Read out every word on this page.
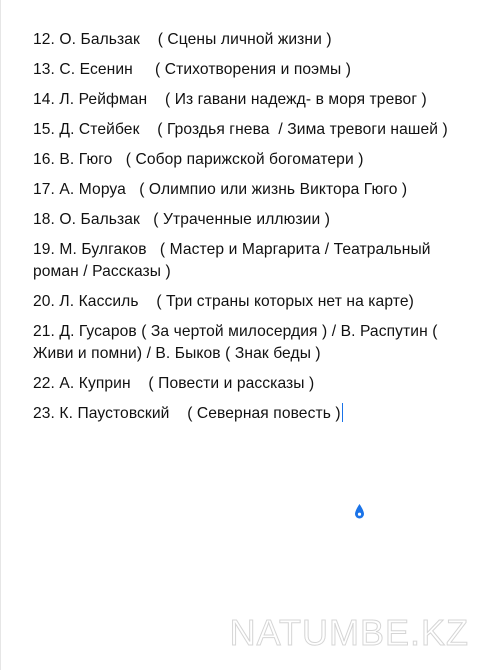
12. О. Бальзак    ( Сцены личной жизни )
13. С. Есенин     ( Стихотворения и поэмы )
14. Л. Рейфман    ( Из гавани надежд- в моря тревог )
15. Д. Стейбек    ( Гроздья гнева  / Зима тревоги нашей )
16. В. Гюго   ( Собор парижской богоматери )
17. А. Моруа   ( Олимпио или жизнь Виктора Гюго )
18. О. Бальзак   ( Утраченные иллюзии )
19. М. Булгаков   ( Мастер и Маргарита / Театральный роман / Рассказы )
20. Л. Кассиль    ( Три страны которых нет на карте)
21. Д. Гусаров ( За чертой милосердия ) / В. Распутин ( Живи и помни) / В. Быков ( Знак беды )
22. А. Куприн    ( Повести и рассказы )
23. К. Паустовский    ( Северная повесть )
NATUMBE.KZ
